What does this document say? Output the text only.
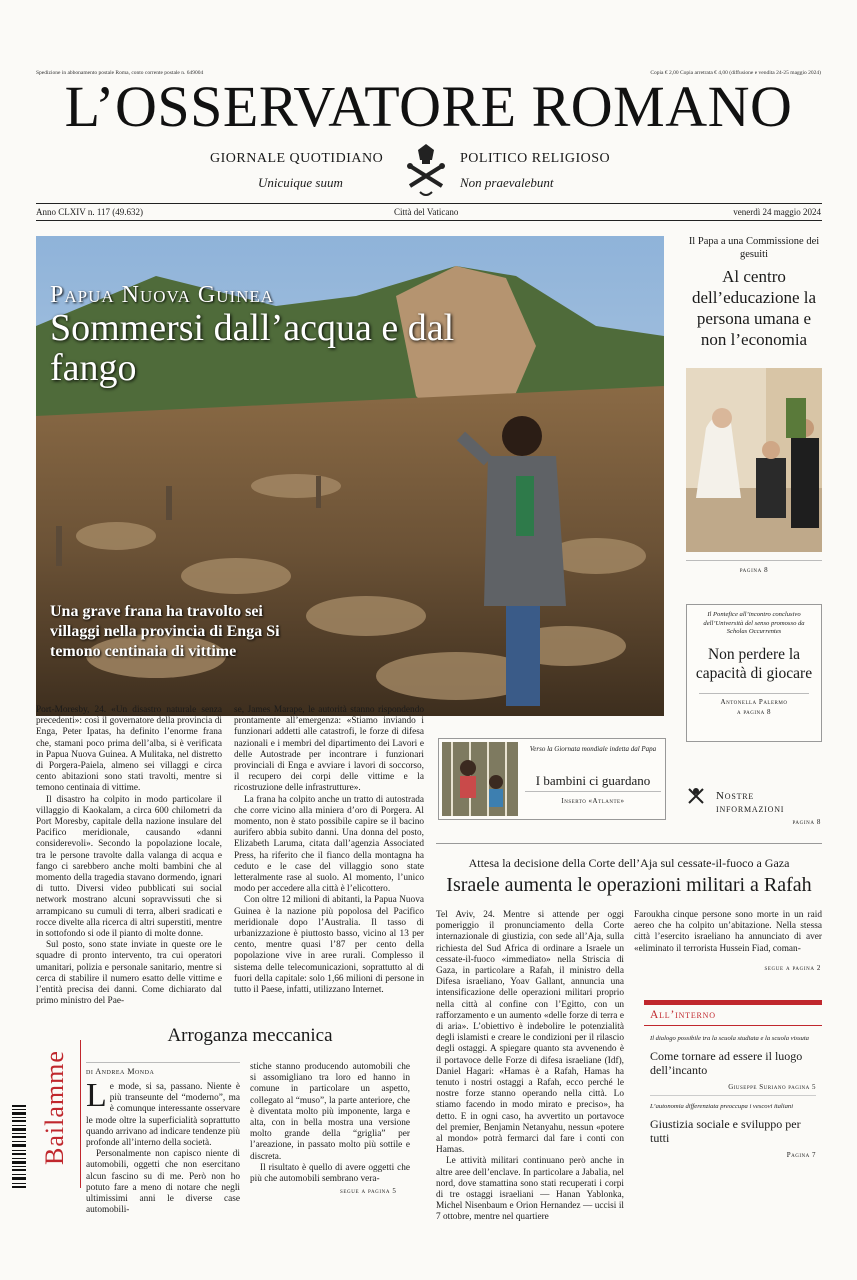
Spedizione in abbonamento postale Roma, conto corrente postale n. 649004	Copia € 2,00 Copia arretrata € 4,00 (diffusione e vendita 24-25 maggio 2024)
L’OSSERVATORE ROMANO
GIORNALE QUOTIDIANO	POLITICO RELIGIOSO
Unicuique suum	Non praevalebunt
Anno CLXIV n. 117 (49.632)	Città del Vaticano	venerdì 24 maggio 2024
Papua Nuova Guinea
Sommersi dall’acqua e dal fango
Una grave frana ha travolto sei villaggi nella provincia di Enga Si temono centinaia di vittime

Port-Moresby, 24. «Un disastro naturale senza precedenti»: così il governatore della provincia di Enga, Peter Ipatas, ha definito l’enorme frana che, stamani poco prima dell’alba, si è verificata in Papua Nuova Guinea. A Mulitaka, nel distretto di Porgera-Paiela, almeno sei villaggi e circa cento abitazioni sono stati travolti, mentre si temono centinaia di vittime.

Il disastro ha colpito in modo particolare il villaggio di Kaokalam, a circa 600 chilometri da Port Moresby, capitale della nazione insulare del Pacifico meridionale, causando «danni considerevoli». Secondo la popolazione locale, tra le persone travolte dalla valanga di acqua e fango ci sarebbero anche molti bambini che al momento della tragedia stavano dormendo, ignari di tutto. Diversi video pubblicati sui social network mostrano alcuni sopravvissuti che si arrampicano su cumuli di terra, alberi sradicati e rocce divelte alla ricerca di altri superstiti, mentre in sottofondo si ode il pianto di molte donne.

Sul posto, sono state inviate in queste ore le squadre di pronto intervento, tra cui operatori umanitari, polizia e personale sanitario, mentre si cerca di stabilire il numero esatto delle vittime e l’entità precisa dei danni. Come dichiarato dal primo ministro del Pae-

se, James Marape, le autorità stanno rispondendo prontamente all’emergenza: «Stiamo inviando i funzionari addetti alle catastrofi, le forze di difesa nazionali e i membri del dipartimento dei Lavori e delle Autostrade per incontrare i funzionari provinciali di Enga e avviare i lavori di soccorso, il recupero dei corpi delle vittime e la ricostruzione delle infrastrutture».

La frana ha colpito anche un tratto di autostrada che corre vicino alla miniera d’oro di Porgera. Al momento, non è stato possibile capire se il bacino aurifero abbia subito danni. Una donna del posto, Elizabeth Laruma, citata dall’agenzia Associated Press, ha riferito che il fianco della montagna ha ceduto e le case del villaggio sono state letteralmente rase al suolo. Al momento, l’unico modo per accedere alla città è l’elicottero.

Con oltre 12 milioni di abitanti, la Papua Nuova Guinea è la nazione più popolosa del Pacifico meridionale dopo l’Australia. Il tasso di urbanizzazione è piuttosto basso, vicino al 13 per cento, mentre quasi l’87 per cento della popolazione vive in aree rurali. Complesso il sistema delle telecomunicazioni, soprattutto al di fuori della capitale: solo 1,66 milioni di persone in tutto il Paese, infatti, utilizzano Internet.

Verso la Giornata mondiale indetta dal Papa
I bambini ci guardano
Inserto «Atlante»
Il Papa a una Commissione dei gesuiti
Al centro dell’educazione la persona umana e non l’economia
pagina 8
Il Pontefice all’incontro conclusivo dell’Università del senso promosso da Scholas Occurrentes
Non perdere la capacità di giocare
Antonella Palermo
a pagina 8
Nostre informazioni
pagina 8
Attesa la decisione della Corte dell’Aja sul cessate-il-fuoco a Gaza
Israele aumenta le operazioni militari a Rafah

Tel Aviv, 24. Mentre si attende per oggi pomeriggio il pronunciamento della Corte internazionale di giustizia, con sede all’Aja, sulla richiesta del Sud Africa di ordinare a Israele un cessate-il-fuoco «immediato» nella Striscia di Gaza, in particolare a Rafah, il ministro della Difesa israeliano, Yoav Gallant, annuncia una intensificazione delle operazioni militari proprio nella città al confine con l’Egitto, con un rafforzamento e un aumento «delle forze di terra e di aria». L’obiettivo è indebolire le potenzialità degli islamisti e creare le condizioni per il rilascio degli ostaggi. A spiegare quanto sta avvenendo è il portavoce delle Forze di difesa israeliane (Idf), Daniel Hagari: «Hamas è a Rafah, Hamas ha tenuto i nostri ostaggi a Rafah, ecco perché le nostre forze stanno operando nella città. Lo stiamo facendo in modo mirato e preciso», ha detto. E in ogni caso, ha avvertito un portavoce del premier, Benjamin Netanyahu, nessun «potere al mondo» potrà fermarci dal fare i conti con Hamas.

Le attività militari continuano però anche in altre aree dell’enclave. In particolare a Jabalia, nel nord, dove stamattina sono stati recuperati i corpi di tre ostaggi israeliani — Hanan Yablonka, Michel Nisenbaum e Orion Hernandez — uccisi il 7 ottobre, mentre nel quartiere

Faroukha cinque persone sono morte in un raid aereo che ha colpito un’abitazione. Nella stessa città l’esercito israeliano ha annunciato di aver «eliminato il terrorista Hussein Fiad, coman-

segue a pagina 2
All’interno
Il dialogo possibile tra la scuola studiata e la scuola vissuta
Come tornare ad essere il luogo dell’incanto
Giuseppe Suriano pagina 5
L’autonomia differenziata preoccupa i vescovi italiani
Giustizia sociale e sviluppo per tutti
Pagina 7
Bailamme
Arroganza meccanica
di Andrea Monda

Le mode, si sa, passano. Niente è più transeunte del “moderno”, ma è comunque interessante osservare le mode oltre la superficialità soprattutto quando arrivano ad indicare tendenze più profonde all’interno della società.

Personalmente non capisco niente di automobili, oggetti che non esercitano alcun fascino su di me. Però non ho potuto fare a meno di notare che negli ultimissimi anni le diverse case automobili-

stiche stanno producendo automobili che si assomigliano tra loro ed hanno in comune in particolare un aspetto, collegato al “muso”, la parte anteriore, che è diventata molto più imponente, larga e alta, con in bella mostra una versione molto grande della “griglia” per l’areazione, in passato molto più sottile e discreta.

Il risultato è quello di avere oggetti che più che automobili sembrano vera-

segue a pagina 5
